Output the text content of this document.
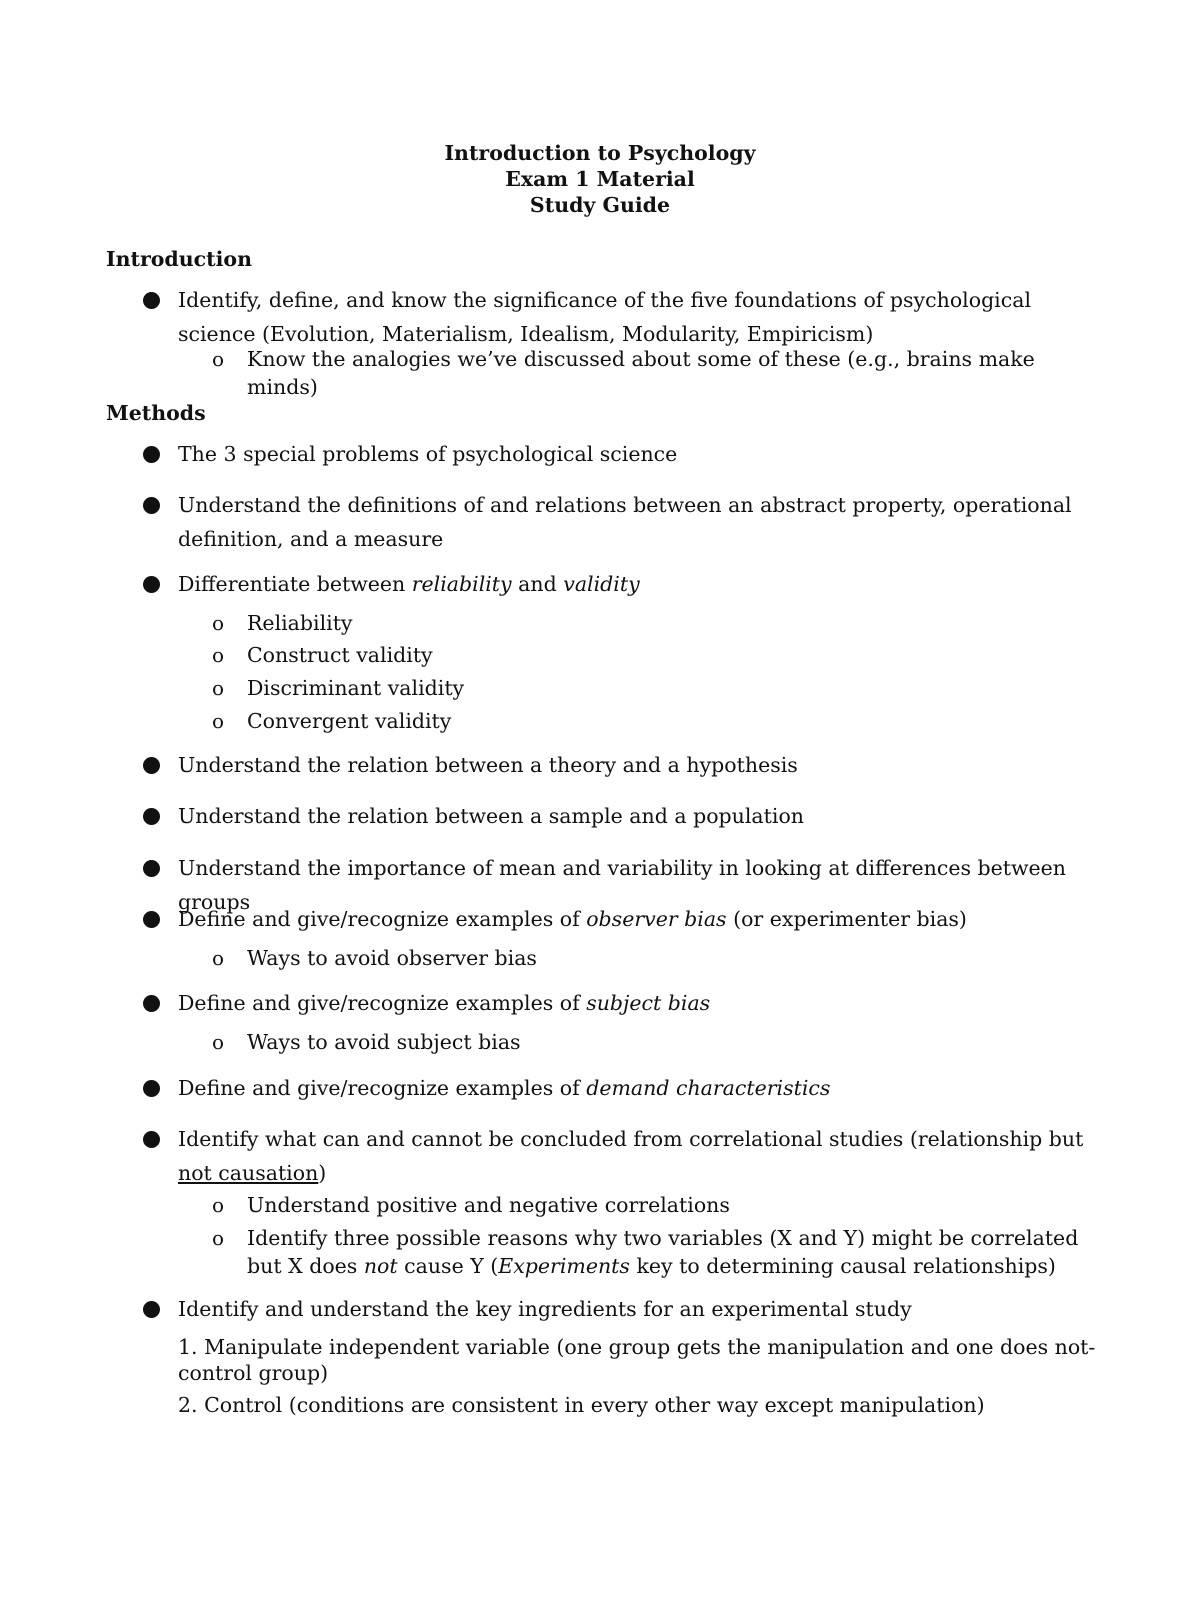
Introduction to Psychology
Exam 1 Material
Study Guide
Introduction
Identify, define, and know the significance of the five foundations of psychological science (Evolution, Materialism, Idealism, Modularity, Empiricism)
o Know the analogies we’ve discussed about some of these (e.g., brains make minds)
Methods
The 3 special problems of psychological science
Understand the definitions of and relations between an abstract property, operational definition, and a measure
Differentiate between reliability and validity
o Reliability
o Construct validity
o Discriminant validity
o Convergent validity
Understand the relation between a theory and a hypothesis
Understand the relation between a sample and a population
Understand the importance of mean and variability in looking at differences between groups
Define and give/recognize examples of observer bias (or experimenter bias)
o Ways to avoid observer bias
Define and give/recognize examples of subject bias
o Ways to avoid subject bias
Define and give/recognize examples of demand characteristics
Identify what can and cannot be concluded from correlational studies (relationship but not causation)
o Understand positive and negative correlations
o Identify three possible reasons why two variables (X and Y) might be correlated but X does not cause Y (Experiments key to determining causal relationships)
Identify and understand the key ingredients for an experimental study
1. Manipulate independent variable (one group gets the manipulation and one does not- control group)
2. Control (conditions are consistent in every other way except manipulation)
